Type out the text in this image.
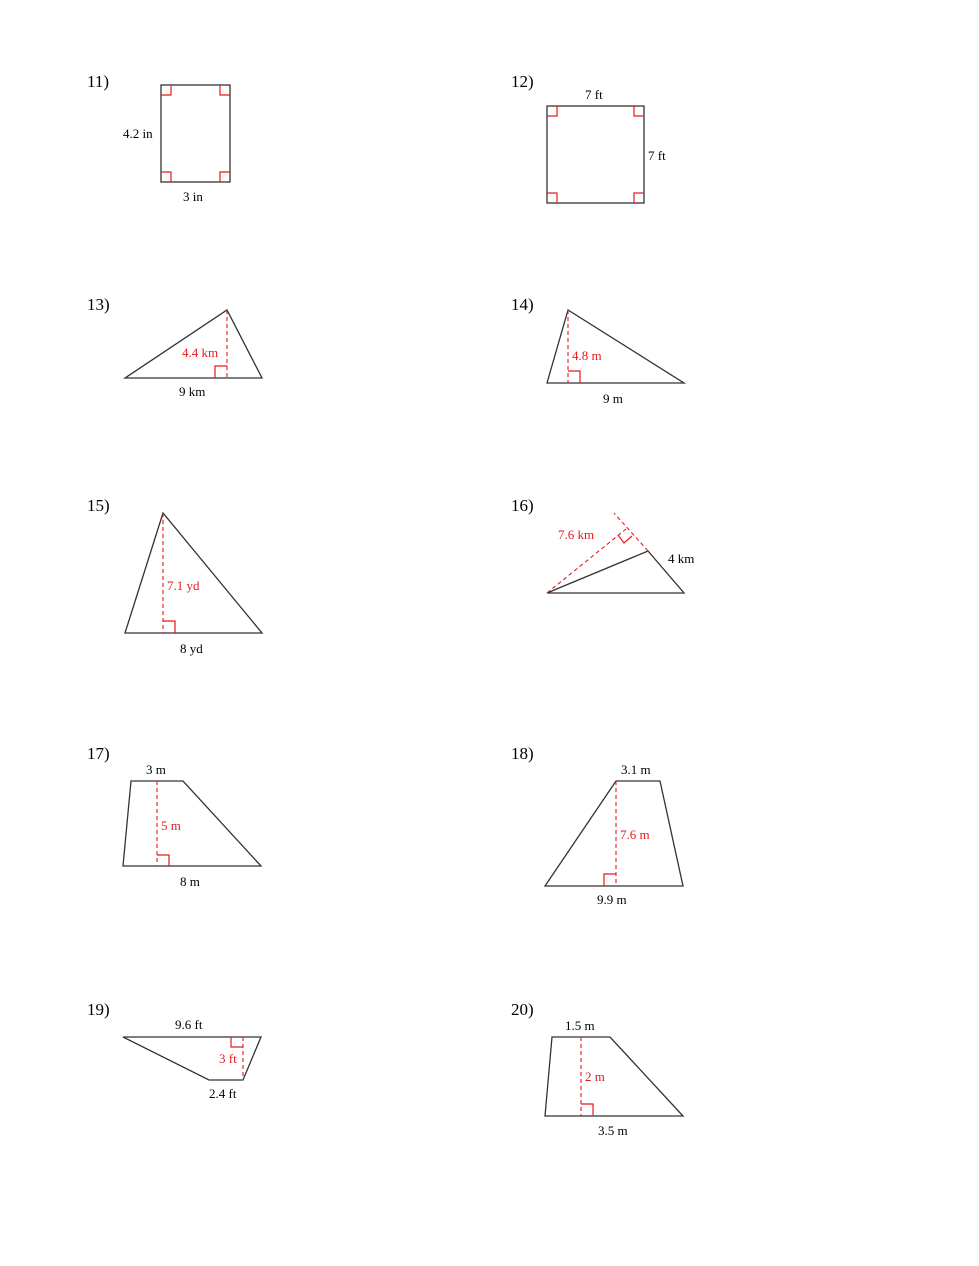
11)
4.2 in
3 in
12)
7 ft
7 ft
13)
4.4 km
9 km
14)
4.8 m
9 m
15)
7.1 yd
8 yd
16)
7.6 km
4 km
17)
3 m
5 m
8 m
18)
3.1 m
7.6 m
9.9 m
19)
9.6 ft
3 ft
2.4 ft
20)
1.5 m
2 m
3.5 m
